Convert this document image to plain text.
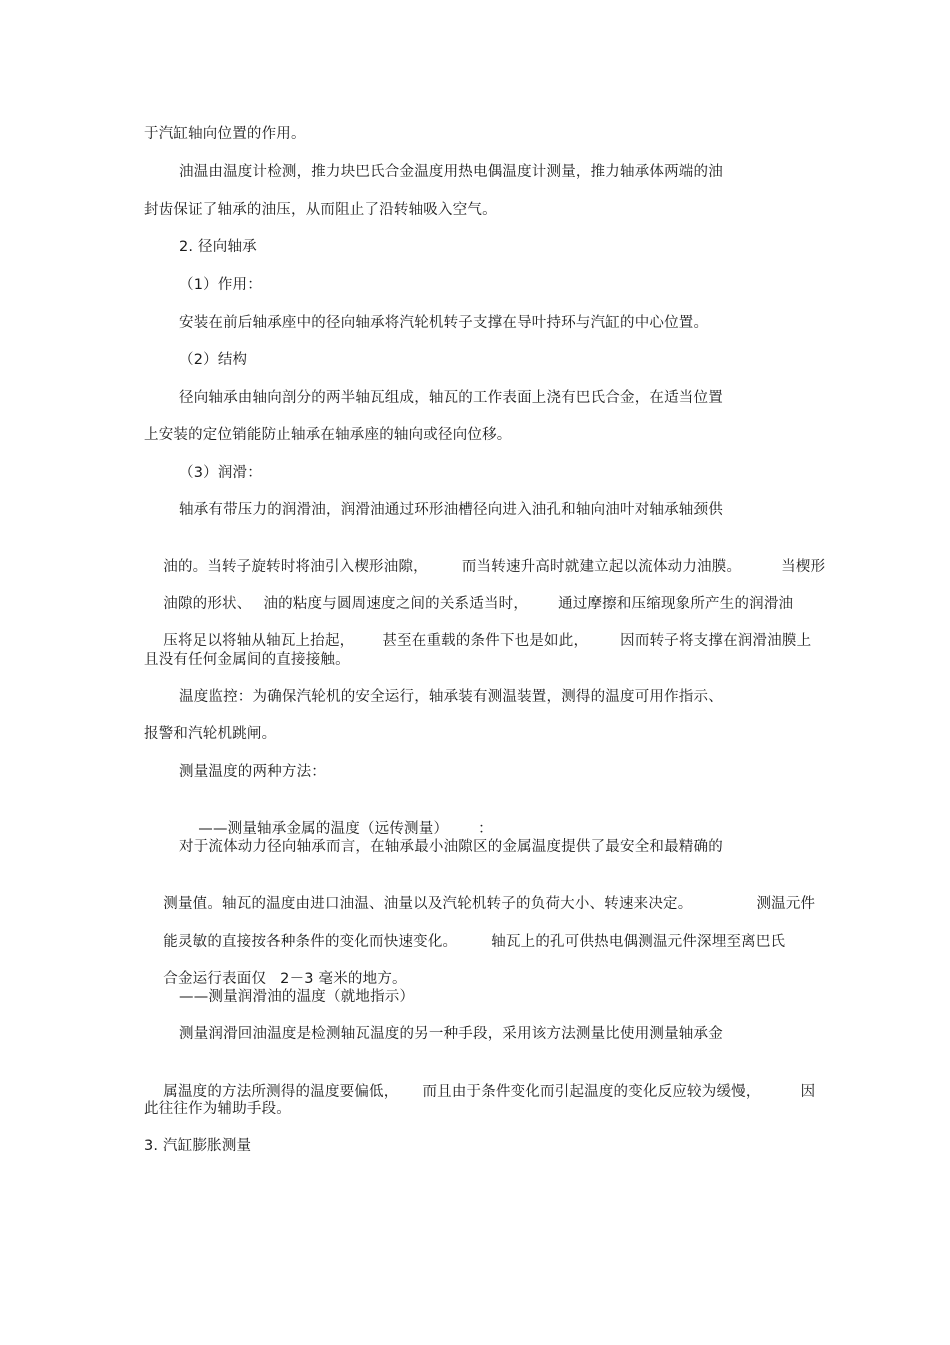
于汽缸轴向位置的作用。
油温由温度计检测，推力块巴氏合金温度用热电偶温度计测量，推力轴承体两端的油
封齿保证了轴承的油压，从而阻止了沿转轴吸入空气。
2. 径向轴承
（1）作用：
安装在前后轴承座中的径向轴承将汽轮机转子支撑在导叶持环与汽缸的中心位置。
（2）结构
径向轴承由轴向剖分的两半轴瓦组成，轴瓦的工作表面上浇有巴氏合金，在适当位置
上安装的定位销能防止轴承在轴承座的轴向或径向位移。
（3）润滑：
轴承有带压力的润滑油，润滑油通过环形油槽径向进入油孔和轴向油叶对轴承轴颈供

油的。当转子旋转时将油引入楔形油隙， 而当转速升高时就建立起以流体动力油膜。	当楔形

油隙的形状、 油的粘度与圆周速度之间的关系适当时， 通过摩擦和压缩现象所产生的润滑油

压将足以将轴从轴瓦上抬起， 甚至在重载的条件下也是如此， 因而转子将支撑在润滑油膜上

且没有任何金属间的直接接触。
温度监控：为确保汽轮机的安全运行，轴承装有测温装置，测得的温度可用作指示、
报警和汽轮机跳闸。
测量温度的两种方法：

——测量轴承金属的温度（远传测量） ：

对于流体动力径向轴承而言，在轴承最小油隙区的金属温度提供了最安全和最精确的

测量值。轴瓦的温度由进口油温、油量以及汽轮机转子的负荷大小、转速来决定。	测温元件

能灵敏的直接按各种条件的变化而快速变化。 轴瓦上的孔可供热电偶测温元件深埋至离巴氏

合金运行表面仅 2－3 毫米的地方。

——测量润滑油的温度（就地指示）
测量润滑回油温度是检测轴瓦温度的另一种手段，采用该方法测量比使用测量轴承金

属温度的方法所测得的温度要偏低， 而且由于条件变化而引起温度的变化反应较为缓慢，	因

此往往作为辅助手段。
3. 汽缸膨胀测量
